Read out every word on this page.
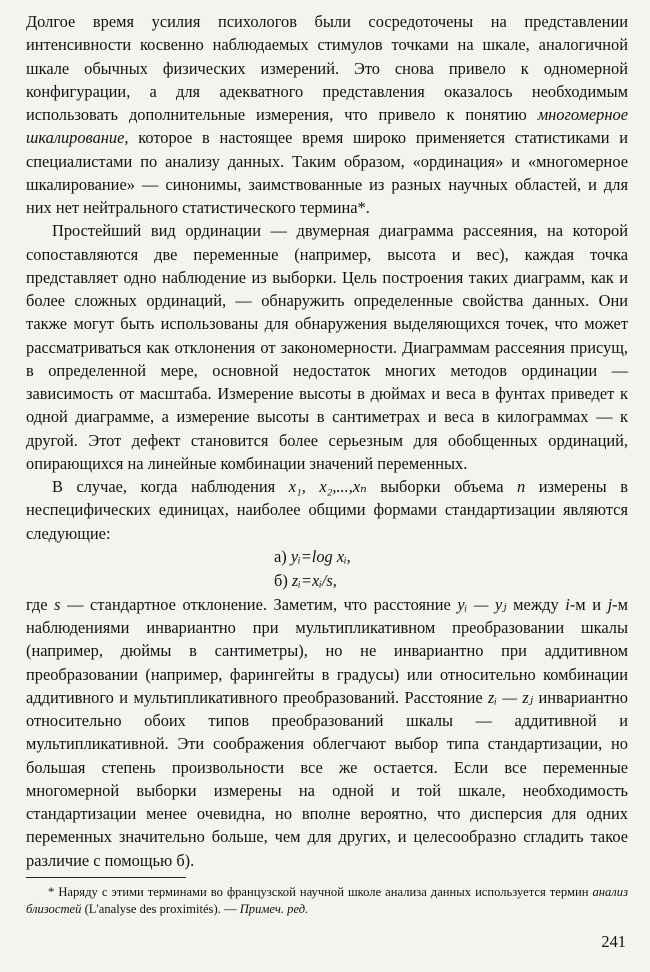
Долгое время усилия психологов были сосредоточены на представлении интенсивности косвенно наблюдаемых стимулов точками на шкале, аналогичной шкале обычных физических измерений. Это снова привело к одномерной конфигурации, а для адекватного представления оказалось необходимым использовать дополнительные измерения, что привело к понятию многомерное шкалирование, которое в настоящее время широко применяется статистиками и специалистами по анализу данных. Таким образом, «ординация» и «многомерное шкалирование» — синонимы, заимствованные из разных научных областей, и для них нет нейтрального статистического термина*.

Простейший вид ординации — двумерная диаграмма рассеяния, на которой сопоставляются две переменные (например, высота и вес), каждая точка представляет одно наблюдение из выборки. Цель построения таких диаграмм, как и более сложных ординаций, — обнаружить определенные свойства данных. Они также могут быть использованы для обнаружения выделяющихся точек, что может рассматриваться как отклонения от закономерности. Диаграммам рассеяния присущ, в определенной мере, основной недостаток многих методов ординации — зависимость от масштаба. Измерение высоты в дюймах и веса в фунтах приведет к одной диаграмме, а измерение высоты в сантиметрах и веса в килограммах — к другой. Этот дефект становится более серьезным для обобщенных ординаций, опирающихся на линейные комбинации значений переменных.

В случае, когда наблюдения x₁, x₂,...,xₙ выборки объема n измерены в неспецифических единицах, наиболее общими формами стандартизации являются следующие:

а) yᵢ=log xᵢ,
б) zᵢ=xᵢ/s,

где s — стандартное отклонение. Заметим, что расстояние yᵢ — yⱼ между i-м и j-м наблюдениями инвариантно при мультипликативном преобразовании шкалы (например, дюймы в сантиметры), но не инвариантно при аддитивном преобразовании (например, фарингейты в градусы) или относительно комбинации аддитивного и мультипликативного преобразований. Расстояние zᵢ — zⱼ инвариантно относительно обоих типов преобразований шкалы — аддитивной и мультипликативной. Эти соображения облегчают выбор типа стандартизации, но большая степень произвольности все же остается. Если все переменные многомерной выборки измерены на одной и той шкале, необходимость стандартизации менее очевидна, но вполне вероятно, что дисперсия для одних переменных значительно больше, чем для других, и целесообразно сгладить такое различие с помощью б).

* Наряду с этими терминами во французской научной школе анализа данных используется термин анализ близостей (L'analyse des proximités). — Примеч. ред.
241
